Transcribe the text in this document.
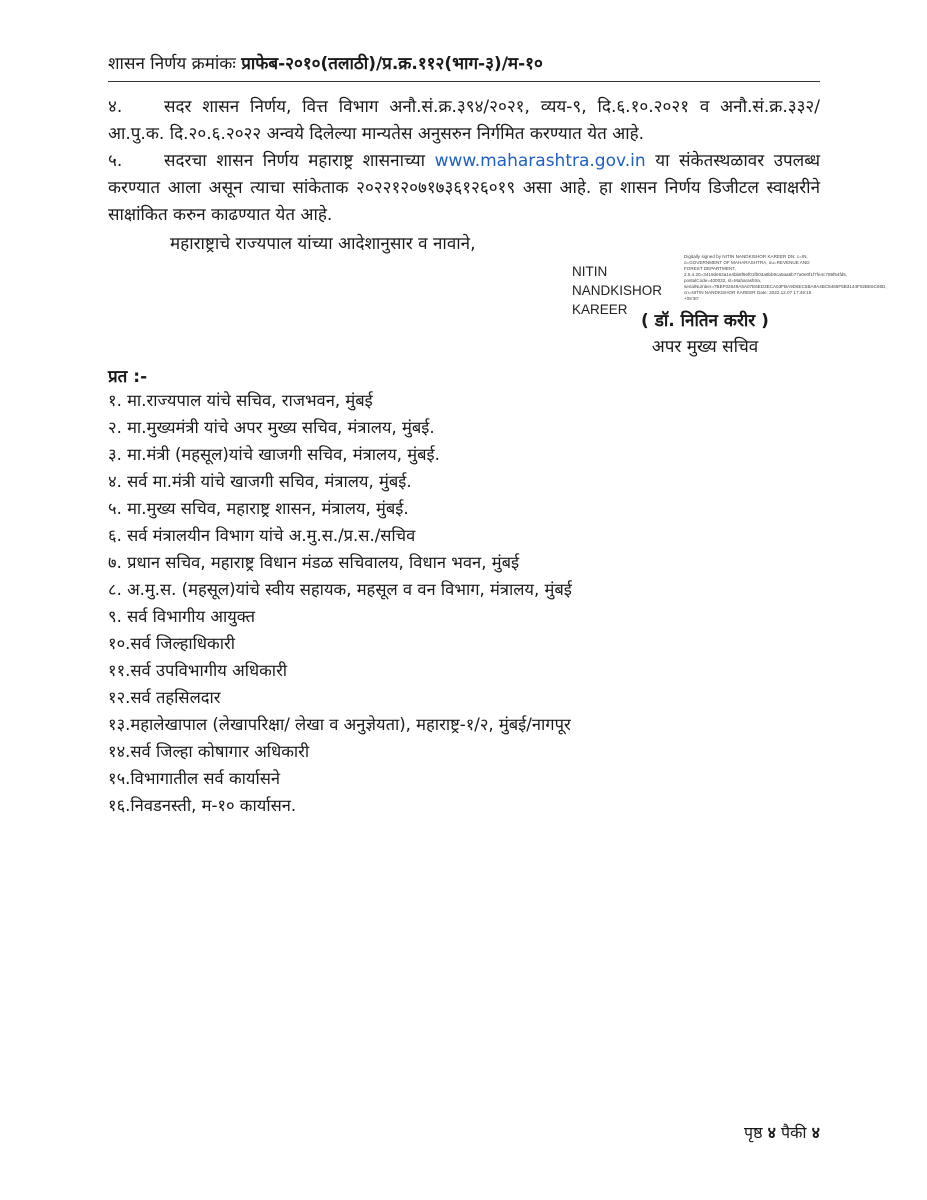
शासन निर्णय क्रमांकः प्राफेब-२०१०(तलाठी)/प्र.क्र.११२(भाग-३)/म-१०
४. सदर शासन निर्णय, वित्त विभाग अनौ.सं.क्र.३९४/२०२१, व्यय-९, दि.६.१०.२०२१ व अनौ.सं.क्र.३३२/ आ.पु.क. दि.२०.६.२०२२ अन्वये दिलेल्या मान्यतेस अनुसरुन निर्गमित करण्यात येत आहे.
५. सदरचा शासन निर्णय महाराष्ट्र शासनाच्या www.maharashtra.gov.in या संकेतस्थळावर उपलब्ध करण्यात आला असून त्याचा सांकेताक २०२२१२०७१७३६१२६०१९ असा आहे. हा शासन निर्णय डिजीटल स्वाक्षरीने साक्षांकित करुन काढण्यात येत आहे.
महाराष्ट्राचे राज्यपाल यांच्या आदेशानुसार व नावाने,
NITIN NANDKISHOR
KAREER
Digitally signed by NITIN NANDKISHOR KAREER DN: c=IN, o=GOVERNMENT OF MAHARASHTRA, ou=REVENUE AND FOREST DEPARTMENT, 2.5.4.20=3419de63a1e4bb8f9ef01fb03a6bb9ca9aa6b77a0e0f1f7fe4c789f54fd5, postalCode=400032, st=Maharashtra, serialNumber=7BEF02649A5A07E6ED3ECA03FBA9D6EC5BA9A4BC8465F5B3144F02BE6C66D, cn=NITIN NANDKISHOR KAREER Date: 2022.12.07 17:49:15 +05'30'
( डॉ. नितिन करीर )
अपर मुख्य सचिव
प्रत :-
१. मा.राज्यपाल यांचे सचिव, राजभवन, मुंबई
२. मा.मुख्यमंत्री यांचे अपर मुख्य सचिव, मंत्रालय, मुंबई.
३. मा.मंत्री (महसूल)यांचे खाजगी सचिव, मंत्रालय, मुंबई.
४. सर्व मा.मंत्री यांचे खाजगी सचिव, मंत्रालय, मुंबई.
५. मा.मुख्य सचिव, महाराष्ट्र शासन, मंत्रालय, मुंबई.
६. सर्व मंत्रालयीन विभाग यांचे अ.मु.स./प्र.स./सचिव
७. प्रधान सचिव, महाराष्ट्र विधान मंडळ सचिवालय, विधान भवन, मुंबई
८. अ.मु.स. (महसूल)यांचे स्वीय सहायक, महसूल व वन विभाग, मंत्रालय, मुंबई
९. सर्व विभागीय आयुक्त
१०.सर्व जिल्हाधिकारी
११.सर्व उपविभागीय अधिकारी
१२.सर्व तहसिलदार
१३.महालेखापाल (लेखापरिक्षा/ लेखा व अनुज्ञेयता), महाराष्ट्र-१/२, मुंबई/नागपूर
१४.सर्व जिल्हा कोषागार अधिकारी
१५.विभागातील सर्व कार्यासने
१६.निवडनस्ती, म-१० कार्यासन.
पृष्ठ ४ पैकी ४
